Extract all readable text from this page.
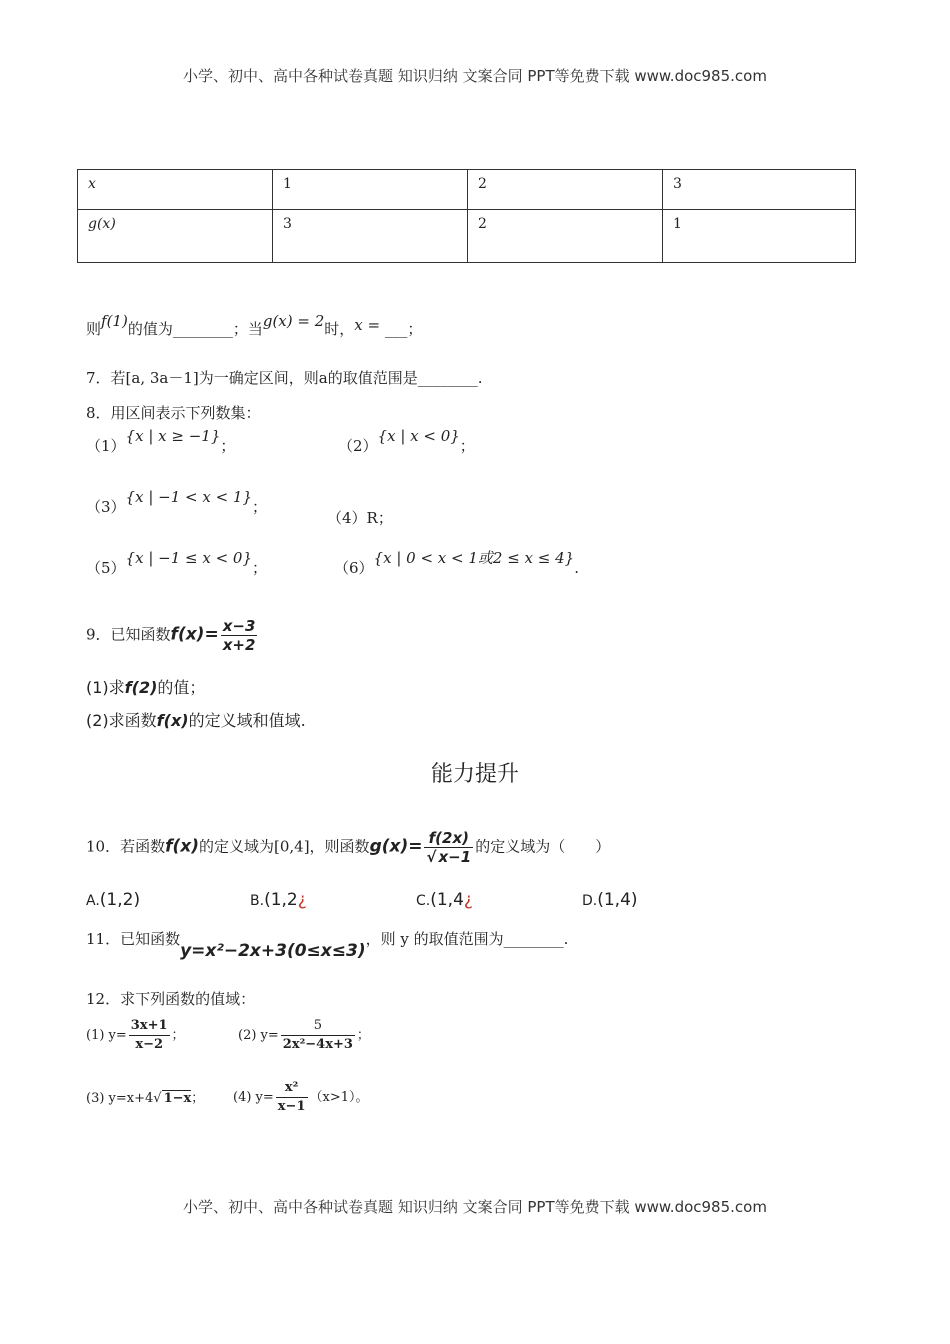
小学、初中、高中各种试卷真题 知识归纳 文案合同 PPT等免费下载 www.doc985.com
x	1	2	3
g(x)	3	2	1
则f(1)的值为________；当g(x) = 2时，x = ___；
7．若[a, 3a－1]为一确定区间，则a的取值范围是________.
8．用区间表示下列数集：
（1）{x | x ≥ −1}；	（2）{x | x < 0}；
（3）{x | −1 < x < 1}；
（4）R；
（5）{x | −1 ≤ x < 0}；	（6）{x | 0 < x < 1或2 ≤ x ≤ 4}.
9．已知函数$f(x)= \frac{x-3}{x+2}$
(1)求f(2)的值；
(2)求函数f(x)的定义域和值域.
能力提升
10．若函数f(x)的定义域为[0,4]，则函数$g(x)= \frac{f(2x)}{√ x-1}$ 的定义域为（　　）
A.(1,2)	B.(1,2¿	C.(1,4¿	D.(1,4)
11．已知函数y=x²−2x+3(0≤x≤3)，则 y 的取值范围为________.
12．求下列函数的值域：
(1) $y= \frac{3x+1}{x-2}$ ；	(2) $y= \frac{5}{\text{2x²−4x+3}}$ ；
(3) y=x+4√ 1−x； (4) $y= \frac{\text{x²}}{x-1} (x>1)$。
小学、初中、高中各种试卷真题 知识归纳 文案合同 PPT等免费下载 www.doc985.com
